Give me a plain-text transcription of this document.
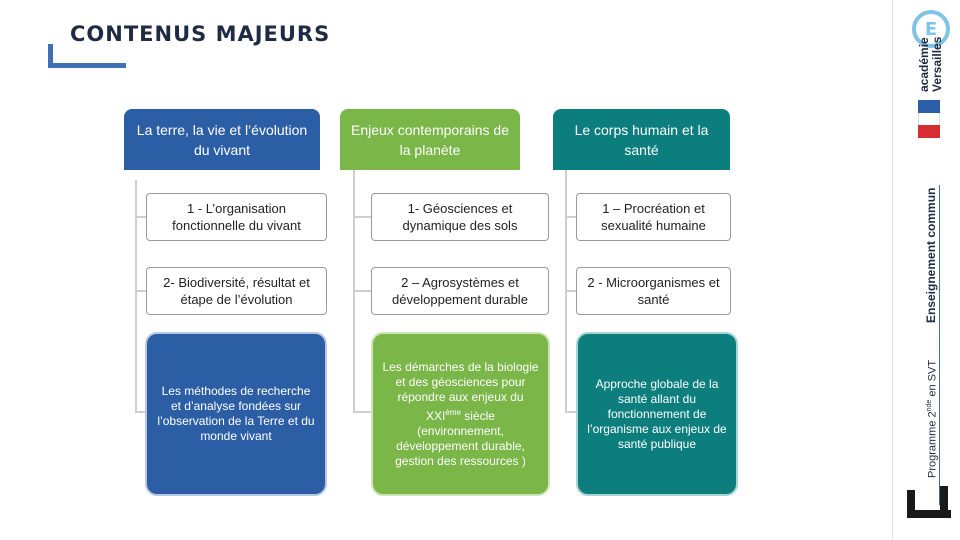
CONTENUS MAJEURS
La terre, la vie et l’évolution du vivant
Enjeux contemporains de la planète
Le corps humain et la santé
1 - L’organisation fonctionnelle du vivant
2- Biodiversité, résultat et étape de l’évolution
1- Géosciences et dynamique des sols
2 – Agrosystèmes et développement durable
1 – Procréation et sexualité humaine
2 - Microorganismes et santé
Les méthodes de recherche et d’analyse fondées sur l’observation de la Terre et du monde vivant
Les démarches de la biologie et des géosciences pour répondre aux enjeux du XXIème siècle (environnement, développement durable, gestion des ressources )
Approche globale de la santé allant du fonctionnement de l’organisme aux enjeux de santé publique
E
académie Versailles
Enseignement commun
Programme 2nde en SVT
